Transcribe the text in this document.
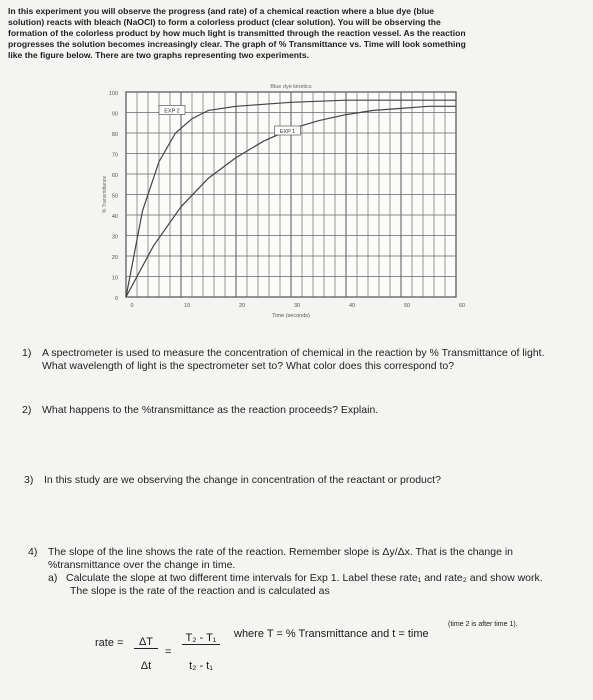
In this experiment you will observe the progress (and rate) of a chemical reaction where a blue dye (blue
solution) reacts with bleach (NaOCl) to form a colorless product (clear solution). You will be observing the
formation of the colorless product by how much light is transmitted through the reaction vessel. As the reaction
progresses the solution becomes increasingly clear. The graph of % Transmittance vs. Time will look something
like the figure below. There are two graphs representing two experiments.
0
10
20
30
40
50
60
70
80
90
100
0	10	20	30	40	50	60
Blue dye kinetics
Time (seconds)
% Transmittance
EXP 1
EXP 2
1) A spectrometer is used to measure the concentration of chemical in the reaction by % Transmittance of light.
What wavelength of light is the spectrometer set to? What color does this correspond to?
2) What happens to the %transmittance as the reaction proceeds? Explain.
3) In this study are we observing the change in concentration of the reactant or product?
4) The slope of the line shows the rate of the reaction. Remember slope is Δy/Δx. That is the change in
%transmittance over the change in time.
a) Calculate the slope at two different time intervals for Exp 1. Label these rate₁ and rate₂ and show work.
The slope is the rate of the reaction and is calculated as
rate =	ΔT
Δt
=
T₂ - T₁
t₂ - t₁
where T = % Transmittance and t = time
(time 2 is after time 1).
